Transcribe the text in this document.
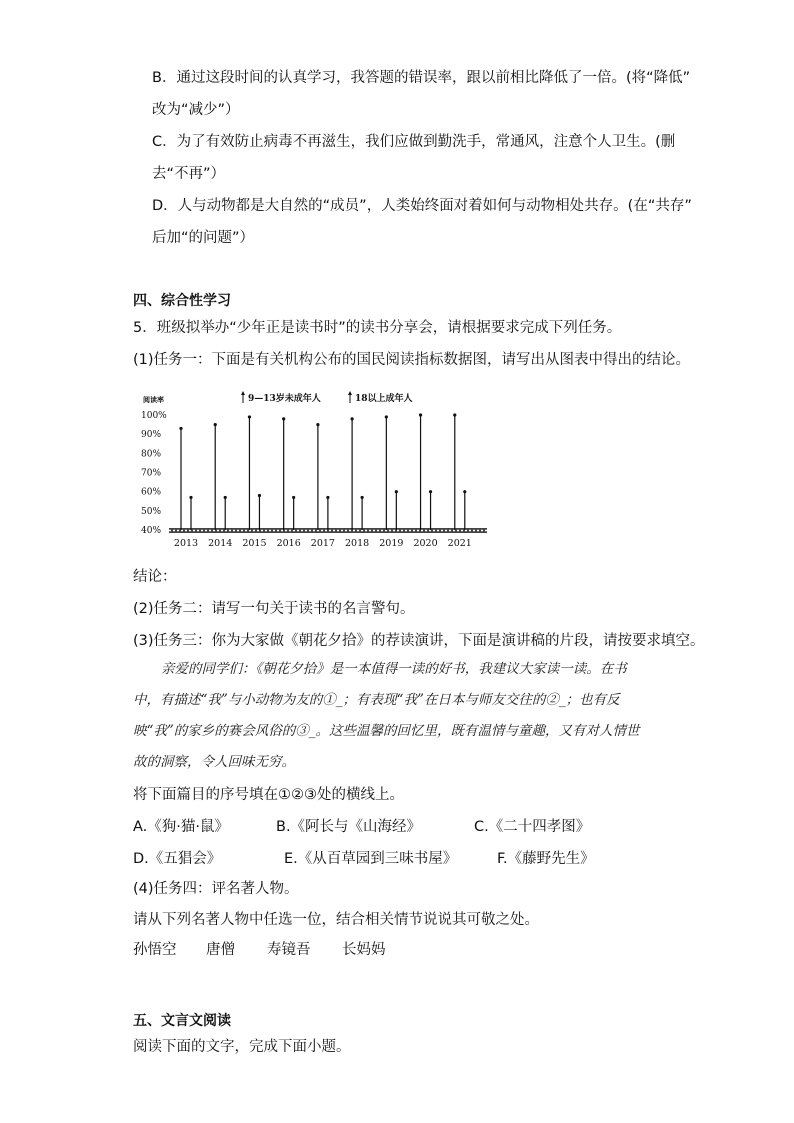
B．通过这段时间的认真学习，我答题的错误率，跟以前相比降低了一倍。(将“降低”
改为“减少”）
C．为了有效防止病毒不再滋生，我们应做到勤洗手，常通风，注意个人卫生。(删
去“不再”）
D．人与动物都是大自然的“成员”，人类始终面对着如何与动物相处共存。(在“共存”
后加“的问题”）
四、综合性学习
5．班级拟举办“少年正是读书时”的读书分享会，请根据要求完成下列任务。
(1)任务一：下面是有关机构公布的国民阅读指标数据图，请写出从图表中得出的结论。
阅读率
100%
90%
80%
70%
60%
50%
40%
9—13岁未成年人	18以上成年人
2013 2014 2015 2016 2017 2018 2019 2020 2021
结论：
(2)任务二：请写一句关于读书的名言警句。
(3)任务三：你为大家做《朝花夕拾》的荐读演讲，下面是演讲稿的片段，请按要求填空。
亲爱的同学们：《朝花夕拾》是一本值得一读的好书，我建议大家读一读。在书中，有描述“我”与小动物为友的①_；有表现“我”在日本与师友交往的②_；也有反映“我”的家乡的赛会风俗的③_。这些温馨的回忆里，既有温情与童趣，又有对人情世故的洞察，令人回味无穷。
将下面篇目的序号填在①②③处的横线上。
A.《狗·猫·鼠》	B.《阿长与《山海经》	C.《二十四孝图》
D.《五猖会》	E.《从百草园到三味书屋》	F.《藤野先生》
(4)任务四：评名著人物。
请从下列名著人物中任选一位，结合相关情节说说其可敬之处。
孙悟空 唐僧 寿镜吾 长妈妈
五、文言文阅读
阅读下面的文字，完成下面小题。
